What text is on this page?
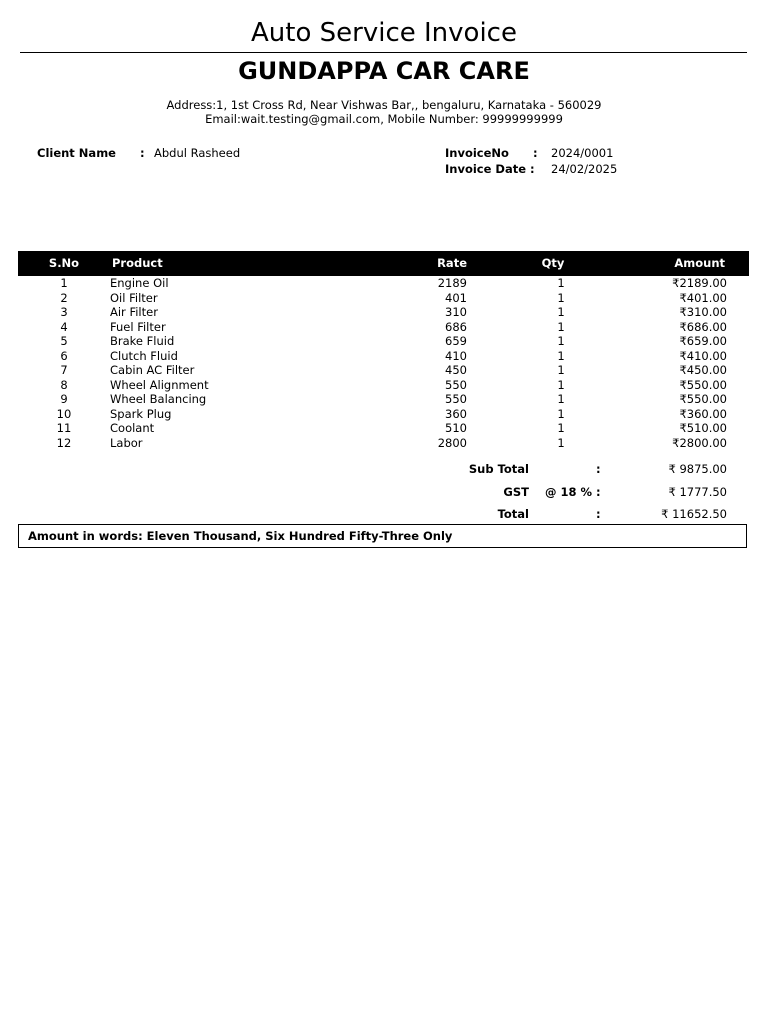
Auto Service Invoice
GUNDAPPA CAR CARE
Address:1, 1st Cross Rd, Near Vishwas Bar,, bengaluru, Karnataka - 560029
Email:wait.testing@gmail.com, Mobile Number: 99999999999
Client Name : Abdul Rasheed	InvoiceNo : 2024/0001
Invoice Date : 24/02/2025
S.No	Product	Rate	Qty	Amount
1	Engine Oil	2189	1	₹2189.00
2	Oil Filter	401	1	₹401.00
3	Air Filter	310	1	₹310.00
4	Fuel Filter	686	1	₹686.00
5	Brake Fluid	659	1	₹659.00
6	Clutch Fluid	410	1	₹410.00
7	Cabin AC Filter	450	1	₹450.00
8	Wheel Alignment	550	1	₹550.00
9	Wheel Balancing	550	1	₹550.00
10	Spark Plug	360	1	₹360.00
11	Coolant	510	1	₹510.00
12	Labor	2800	1	₹2800.00
Sub Total	:	₹ 9875.00
GST @ 18 % :	₹ 1777.50
Total	:	₹ 11652.50
Amount in words: Eleven Thousand, Six Hundred Fifty-Three Only
